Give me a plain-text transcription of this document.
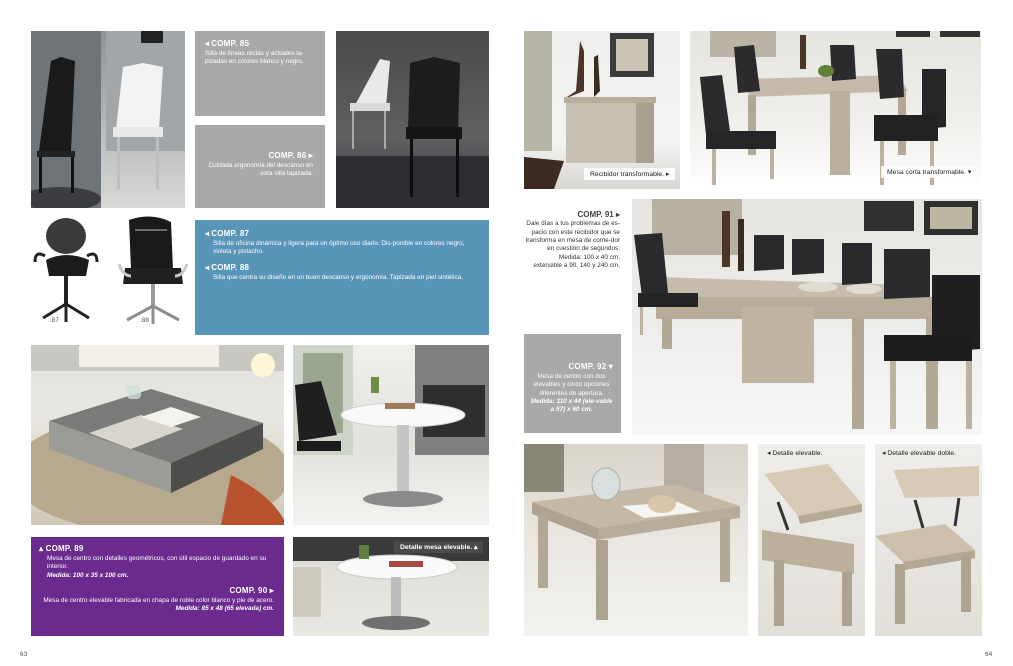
◂ COMP. 85
Silla de líneas rectas y actuales ta-pizadas en colores blanco y negro.
COMP. 86 ▸
Cuidada ergonomía del descanso en esta silla tapizada.
.87	.88
◂ COMP. 87
Silla de oficina dinámica y ligera para un óptimo uso diario. Dis-ponible en colores negro, violeta y pistacho.
◂ COMP. 88
Silla que centra su diseño en un buen descanso y ergonomía. Tapizada en piel sintética.
▴ COMP. 89
Mesa de centro con detalles geométricos, con útil espacio de guardado en su interior.
Medida: 100 x 35 x 100 cm.
COMP. 90 ▸
Mesa de centro elevable fabricada en chapa de roble color blanco y pie de acero.
Medida: 85 x 48 (65 elevada) cm.
Detalle mesa elevable. ▴
63
Recibidor transformable. ▸	Mesa corta transformable. ▾
COMP. 91 ▸
Dale días a tus problemas de es-pacio con este recibidor que se transforma en mesa de come-dor en cuestión de segundos.
Medida: 100 x 40 cm.
extensible a 90, 140 y 240 cm.
COMP. 92 ▾
Mesa de centro con dos elevables y cinco opciones diferentes de apertura.
Medida: 110 x 44 (ele-vable a 57) x 60 cm.
◂ Detalle elevable.	◂ Detalle elevable doble.
64
